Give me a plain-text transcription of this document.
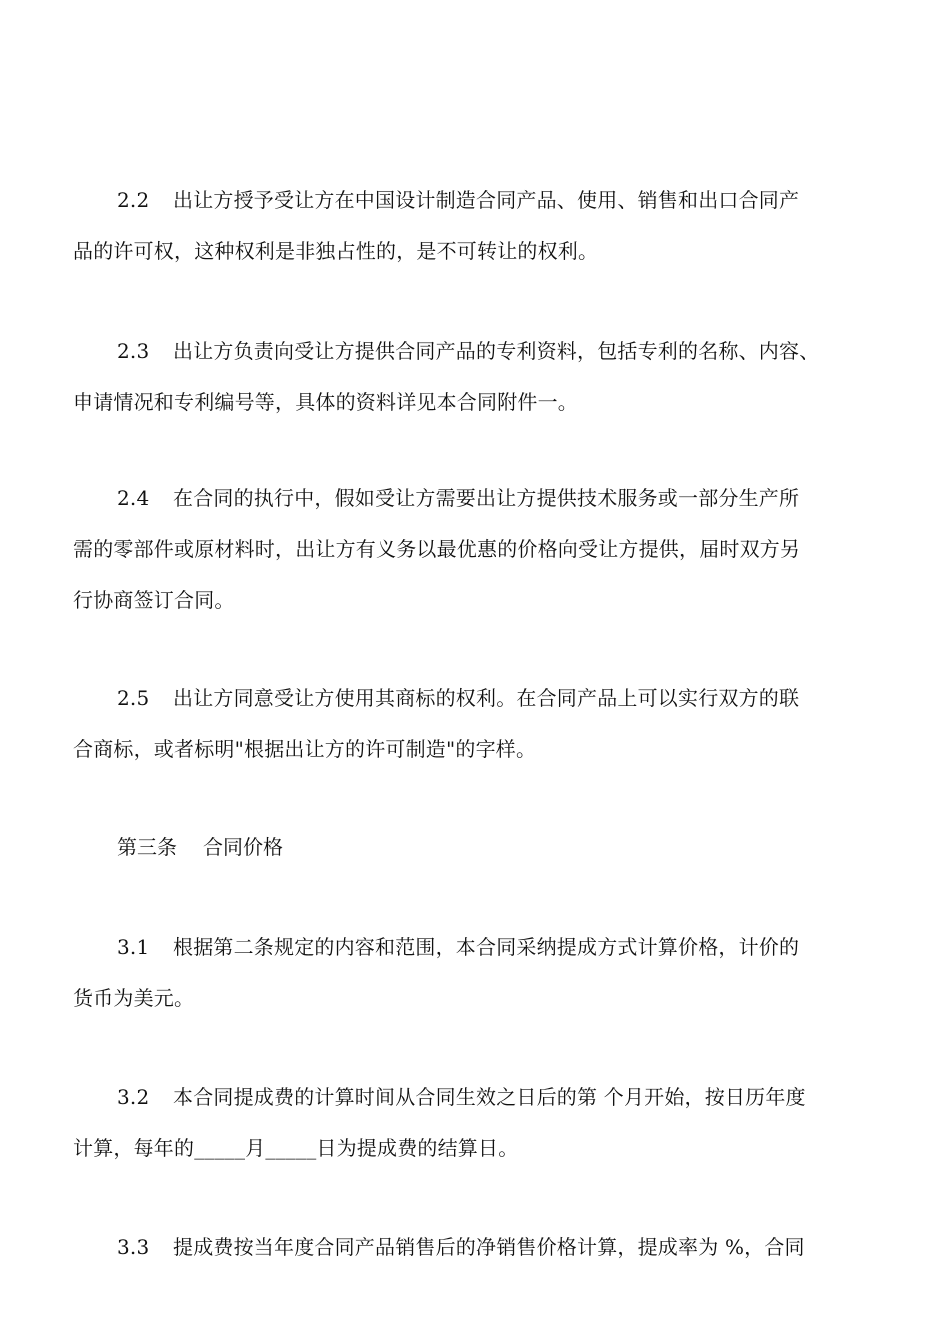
2.2 出让方授予受让方在中国设计制造合同产品、使用、销售和出口合同产
品的许可权，这种权利是非独占性的，是不可转让的权利。
2.3 出让方负责向受让方提供合同产品的专利资料，包括专利的名称、内容、
申请情况和专利编号等，具体的资料详见本合同附件一。
2.4 在合同的执行中，假如受让方需要出让方提供技术服务或一部分生产所
需的零部件或原材料时，出让方有义务以最优惠的价格向受让方提供，届时双方另
行协商签订合同。
2.5 出让方同意受让方使用其商标的权利。在合同产品上可以实行双方的联
合商标，或者标明"根据出让方的许可制造"的字样。
第三条 合同价格
3.1 根据第二条规定的内容和范围，本合同采纳提成方式计算价格，计价的
货币为美元。
3.2 本合同提成费的计算时间从合同生效之日后的第 个月开始，按日历年度
计算，每年的_____月_____日为提成费的结算日。
3.3 提成费按当年度合同产品销售后的净销售价格计算，提成率为 %，合同
